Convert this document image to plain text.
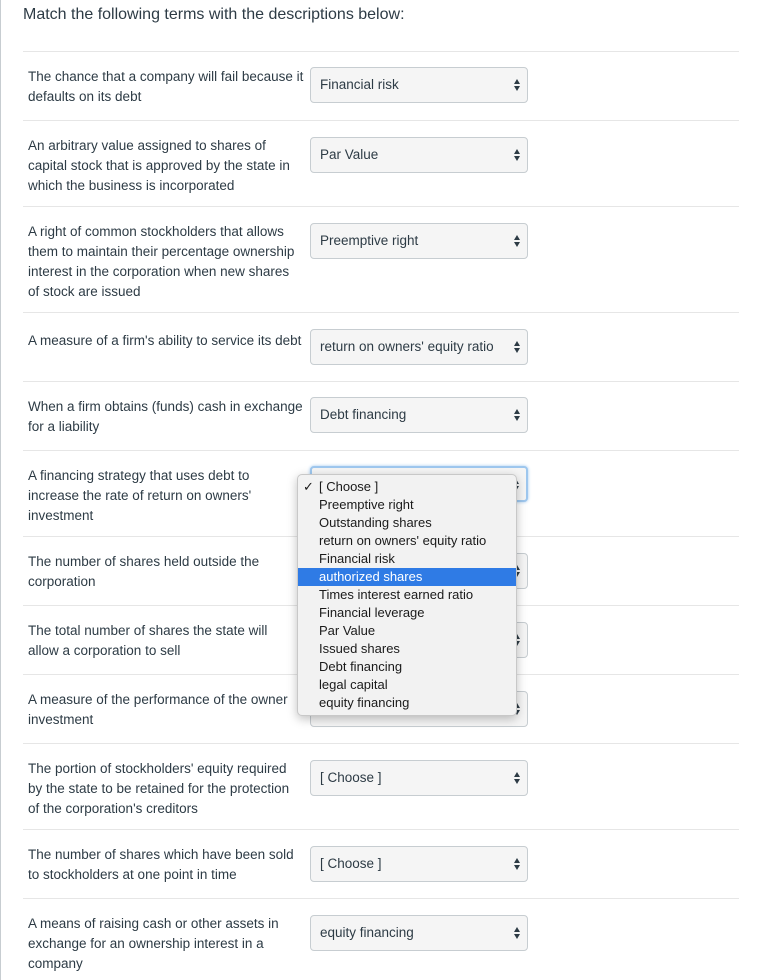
Match the following terms with the descriptions below:
The chance that a company will fail because it
defaults on its debt
Financial risk
An arbitrary value assigned to shares of
capital stock that is approved by the state in
which the business is incorporated
Par Value
A right of common stockholders that allows
them to maintain their percentage ownership
interest in the corporation when new shares
of stock are issued
Preemptive right
A measure of a firm's ability to service its debt	return on owners' equity ratio
When a firm obtains (funds) cash in exchange
for a liability
Debt financing
A financing strategy that uses debt to
increase the rate of return on owners'
investment
The number of shares held outside the
corporation
The total number of shares the state will
allow a corporation to sell
A measure of the performance of the owner
investment
The portion of stockholders' equity required
by the state to be retained for the protection
of the corporation's creditors
[ Choose ]
The number of shares which have been sold
to stockholders at one point in time
[ Choose ]
A means of raising cash or other assets in
exchange for an ownership interest in a
company
equity financing
✓ [ Choose ]
Preemptive right
Outstanding shares
return on owners' equity ratio
Financial risk
authorized shares
Times interest earned ratio
Financial leverage
Par Value
Issued shares
Debt financing
legal capital
equity financing
